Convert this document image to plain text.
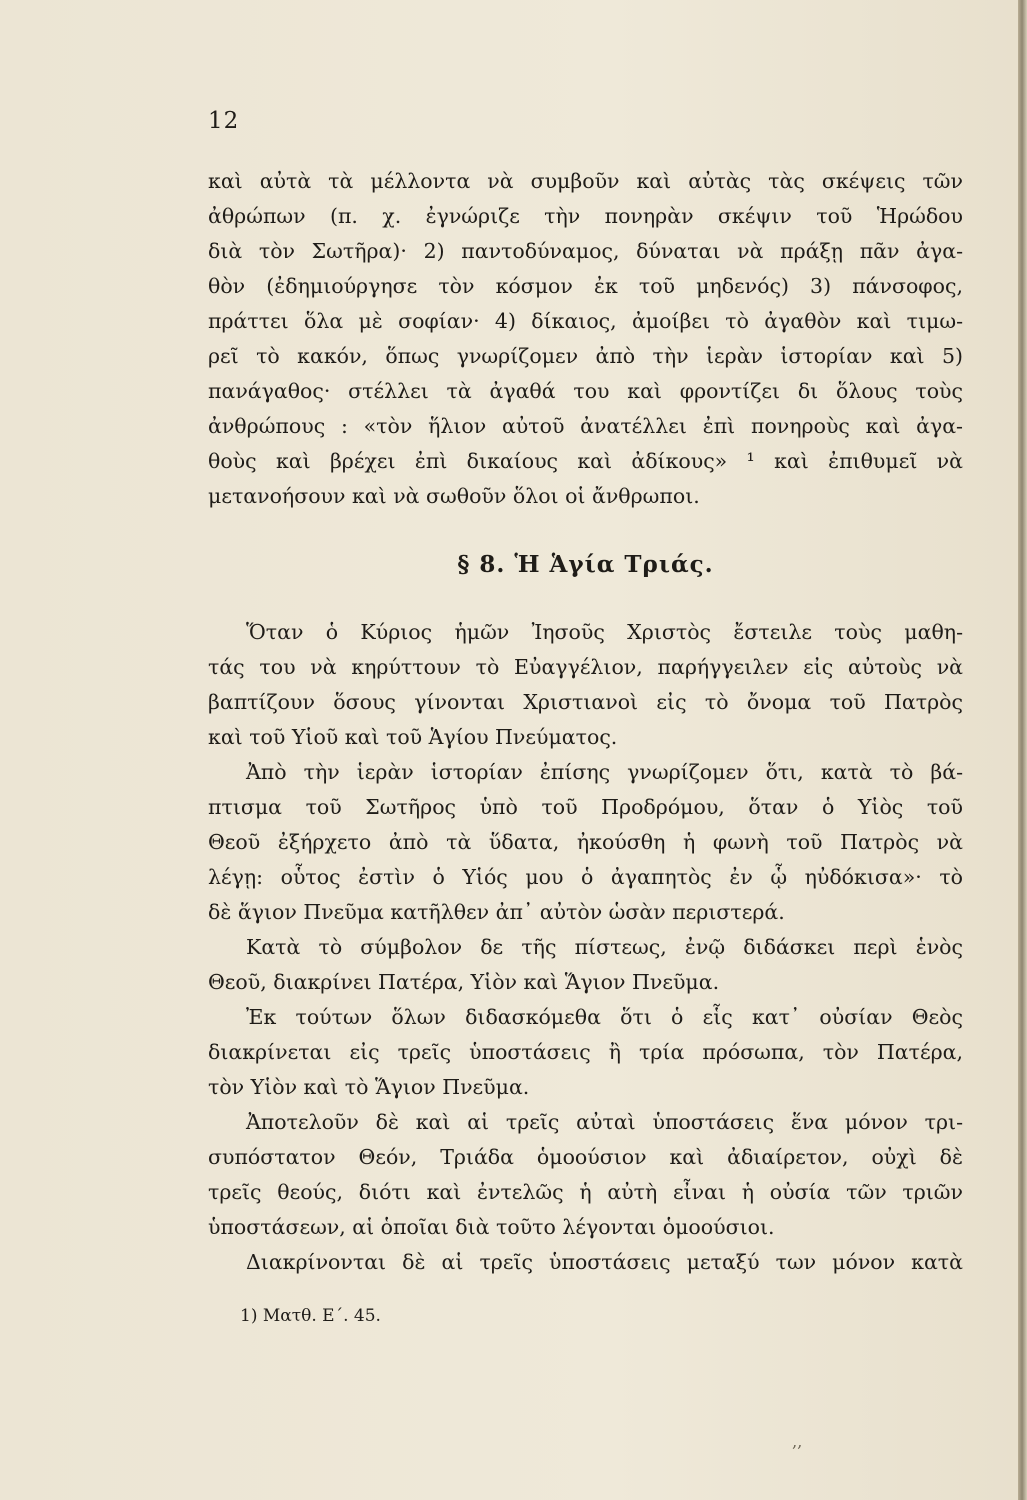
12
καὶ αὐτὰ τὰ μέλλοντα νὰ συμβοῦν καὶ αὐτὰς τὰς σκέψεις τῶν
ἀθρώπων (π. χ. ἐγνώριζε τὴν πονηρὰν σκέψιν τοῦ Ἡρώδου
διὰ τὸν Σωτῆρα)· 2) παντοδύναμος, δύναται νὰ πράξῃ πᾶν ἀγα-
θὸν (ἐδημιούργησε τὸν κόσμον ἐκ τοῦ μηδενός) 3) πάνσοφος,
πράττει ὅλα μὲ σοφίαν· 4) δίκαιος, ἀμοίβει τὸ ἀγαθὸν καὶ τιμω-
ρεῖ τὸ κακόν, ὅπως γνωρίζομεν ἀπὸ τὴν ἱερὰν ἱστορίαν καὶ 5)
πανάγαθος· στέλλει τὰ ἀγαθά του καὶ φροντίζει δι ὅλους τοὺς
ἀνθρώπους : «τὸν ἥλιον αὐτοῦ ἀνατέλλει ἐπὶ πονηροὺς καὶ ἀγα-
θοὺς καὶ βρέχει ἐπὶ δικαίους καὶ ἀδίκους» ¹ καὶ ἐπιθυμεῖ νὰ
μετανοήσουν καὶ νὰ σωθοῦν ὅλοι οἱ ἄνθρωποι.
§ 8. Ἡ Ἁγία Τριάς.
Ὅταν ὁ Κύριος ἡμῶν Ἰησοῦς Χριστὸς ἔστειλε τοὺς μαθη-
τάς του νὰ κηρύττουν τὸ Εὐαγγέλιον, παρήγγειλεν εἰς αὐτοὺς νὰ
βαπτίζουν ὅσους γίνονται Χριστιανοὶ εἰς τὸ ὄνομα τοῦ Πατρὸς
καὶ τοῦ Υἱοῦ καὶ τοῦ Ἁγίου Πνεύματος.
Ἀπὸ τὴν ἱερὰν ἱστορίαν ἐπίσης γνωρίζομεν ὅτι, κατὰ τὸ βά-
πτισμα τοῦ Σωτῆρος ὑπὸ τοῦ Προδρόμου, ὅταν ὁ Υἱὸς τοῦ
Θεοῦ ἐξήρχετο ἀπὸ τὰ ὕδατα, ἠκούσθη ἡ φωνὴ τοῦ Πατρὸς νὰ
λέγῃ: οὗτος ἐστὶν ὁ Υἱός μου ὁ ἀγαπητὸς ἐν ᾧ ηὐδόκισα»· τὸ
δὲ ἅγιον Πνεῦμα κατῆλθεν ἀπ᾿ αὐτὸν ὡσὰν περιστερά.
Κατὰ τὸ σύμβολον δε τῆς πίστεως, ἐνῷ διδάσκει περὶ ἑνὸς
Θεοῦ, διακρίνει Πατέρα, Υἱὸν καὶ Ἅγιον Πνεῦμα.
Ἐκ τούτων ὅλων διδασκόμεθα ὅτι ὁ εἷς κατ᾿ οὐσίαν Θεὸς
διακρίνεται εἰς τρεῖς ὑποστάσεις ἢ τρία πρόσωπα, τὸν Πατέρα,
τὸν Υἱὸν καὶ τὸ Ἅγιον Πνεῦμα.
Ἀποτελοῦν δὲ καὶ αἱ τρεῖς αὐταὶ ὑποστάσεις ἕνα μόνον τρι-
συπόστατον Θεόν, Τριάδα ὁμοούσιον καὶ ἀδιαίρετον, οὐχὶ δὲ
τρεῖς θεούς, διότι καὶ ἐντελῶς ἡ αὐτὴ εἶναι ἡ οὐσία τῶν τριῶν
ὑποστάσεων, αἱ ὁποῖαι διὰ τοῦτο λέγονται ὁμοούσιοι.
Διακρίνονται δὲ αἱ τρεῖς ὑποστάσεις μεταξύ των μόνον κατὰ
1) Ματθ. Ε΄. 45.
‚‚
